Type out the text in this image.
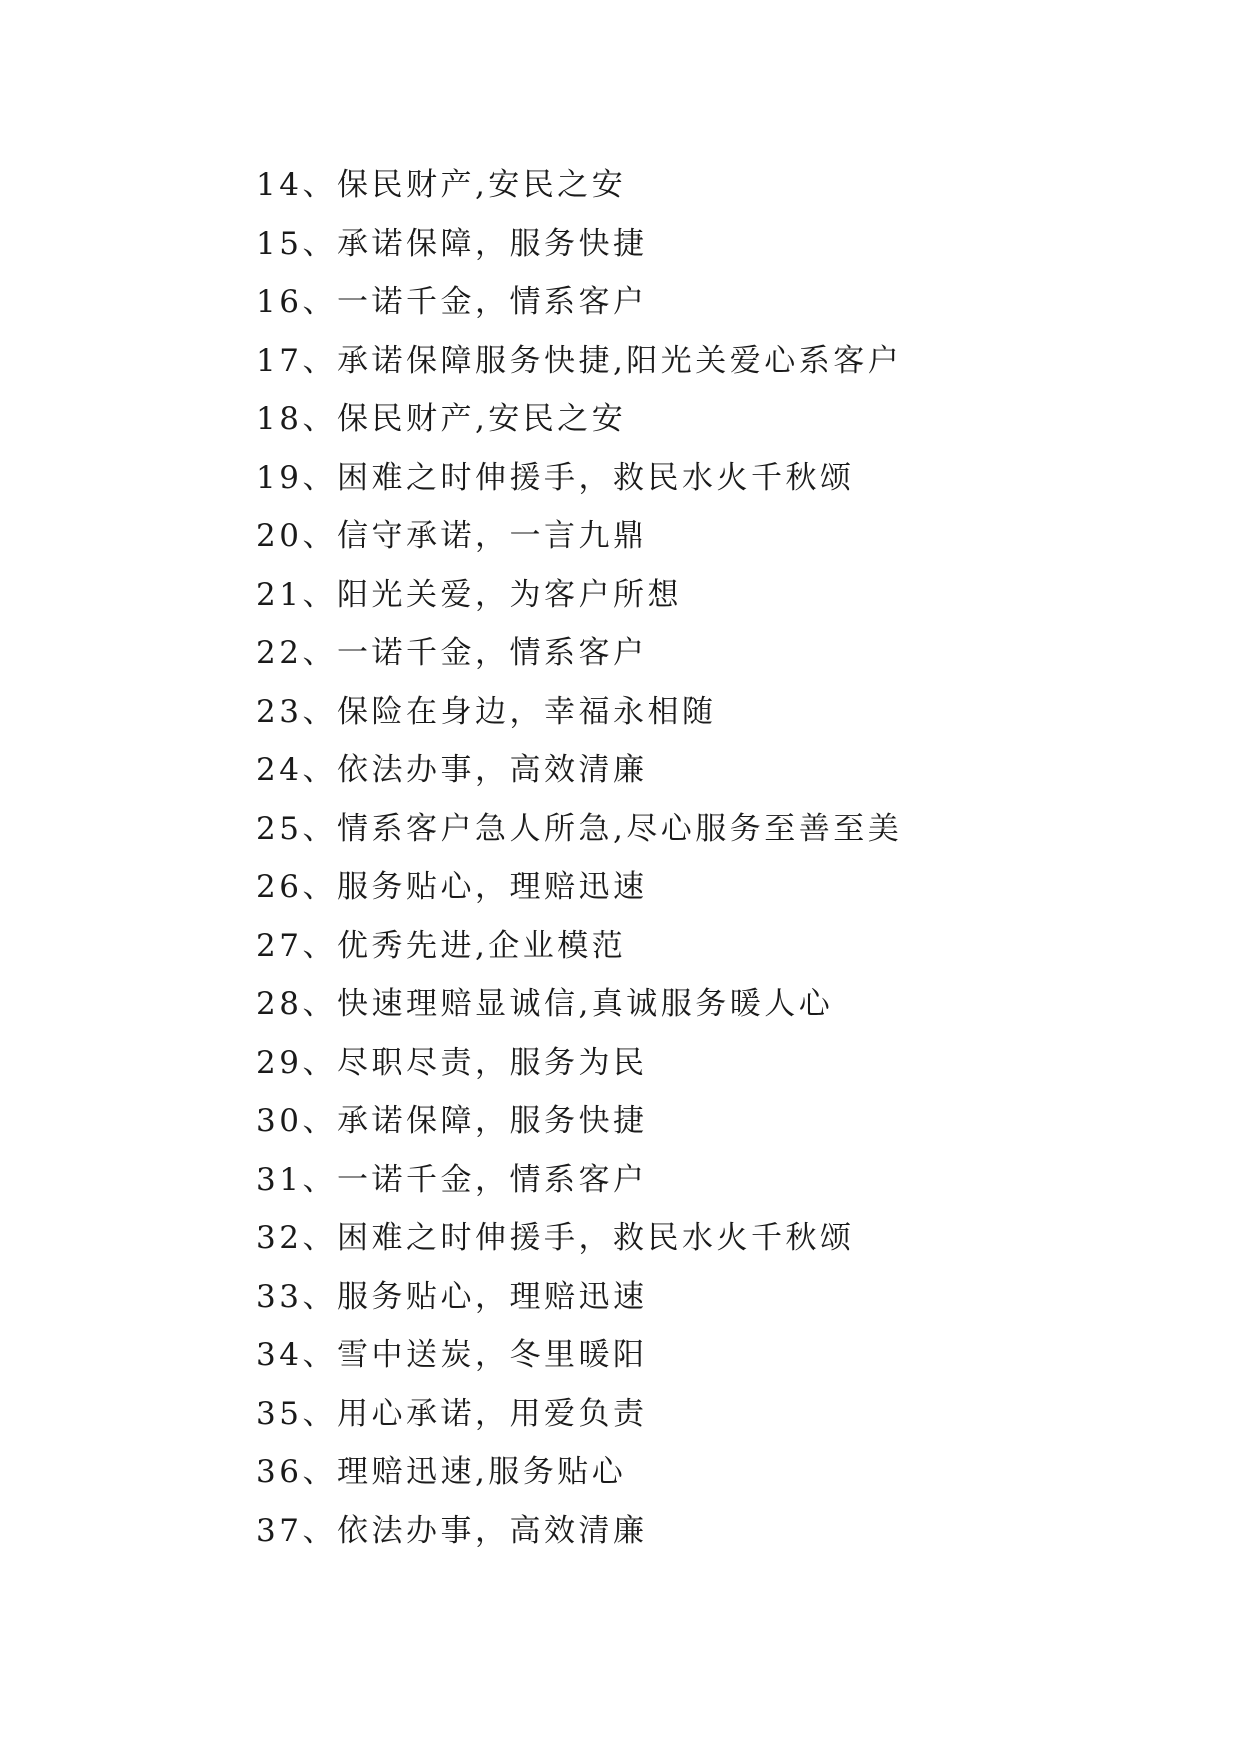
14、保民财产,安民之安
15、承诺保障，服务快捷
16、一诺千金，情系客户
17、承诺保障服务快捷,阳光关爱心系客户
18、保民财产,安民之安
19、困难之时伸援手，救民水火千秋颂
20、信守承诺，一言九鼎
21、阳光关爱，为客户所想
22、一诺千金，情系客户
23、保险在身边，幸福永相随
24、依法办事，高效清廉
25、情系客户急人所急,尽心服务至善至美
26、服务贴心，理赔迅速
27、优秀先进,企业模范
28、快速理赔显诚信,真诚服务暖人心
29、尽职尽责，服务为民
30、承诺保障，服务快捷
31、一诺千金，情系客户
32、困难之时伸援手，救民水火千秋颂
33、服务贴心，理赔迅速
34、雪中送炭，冬里暖阳
35、用心承诺，用爱负责
36、理赔迅速,服务贴心
37、依法办事，高效清廉
